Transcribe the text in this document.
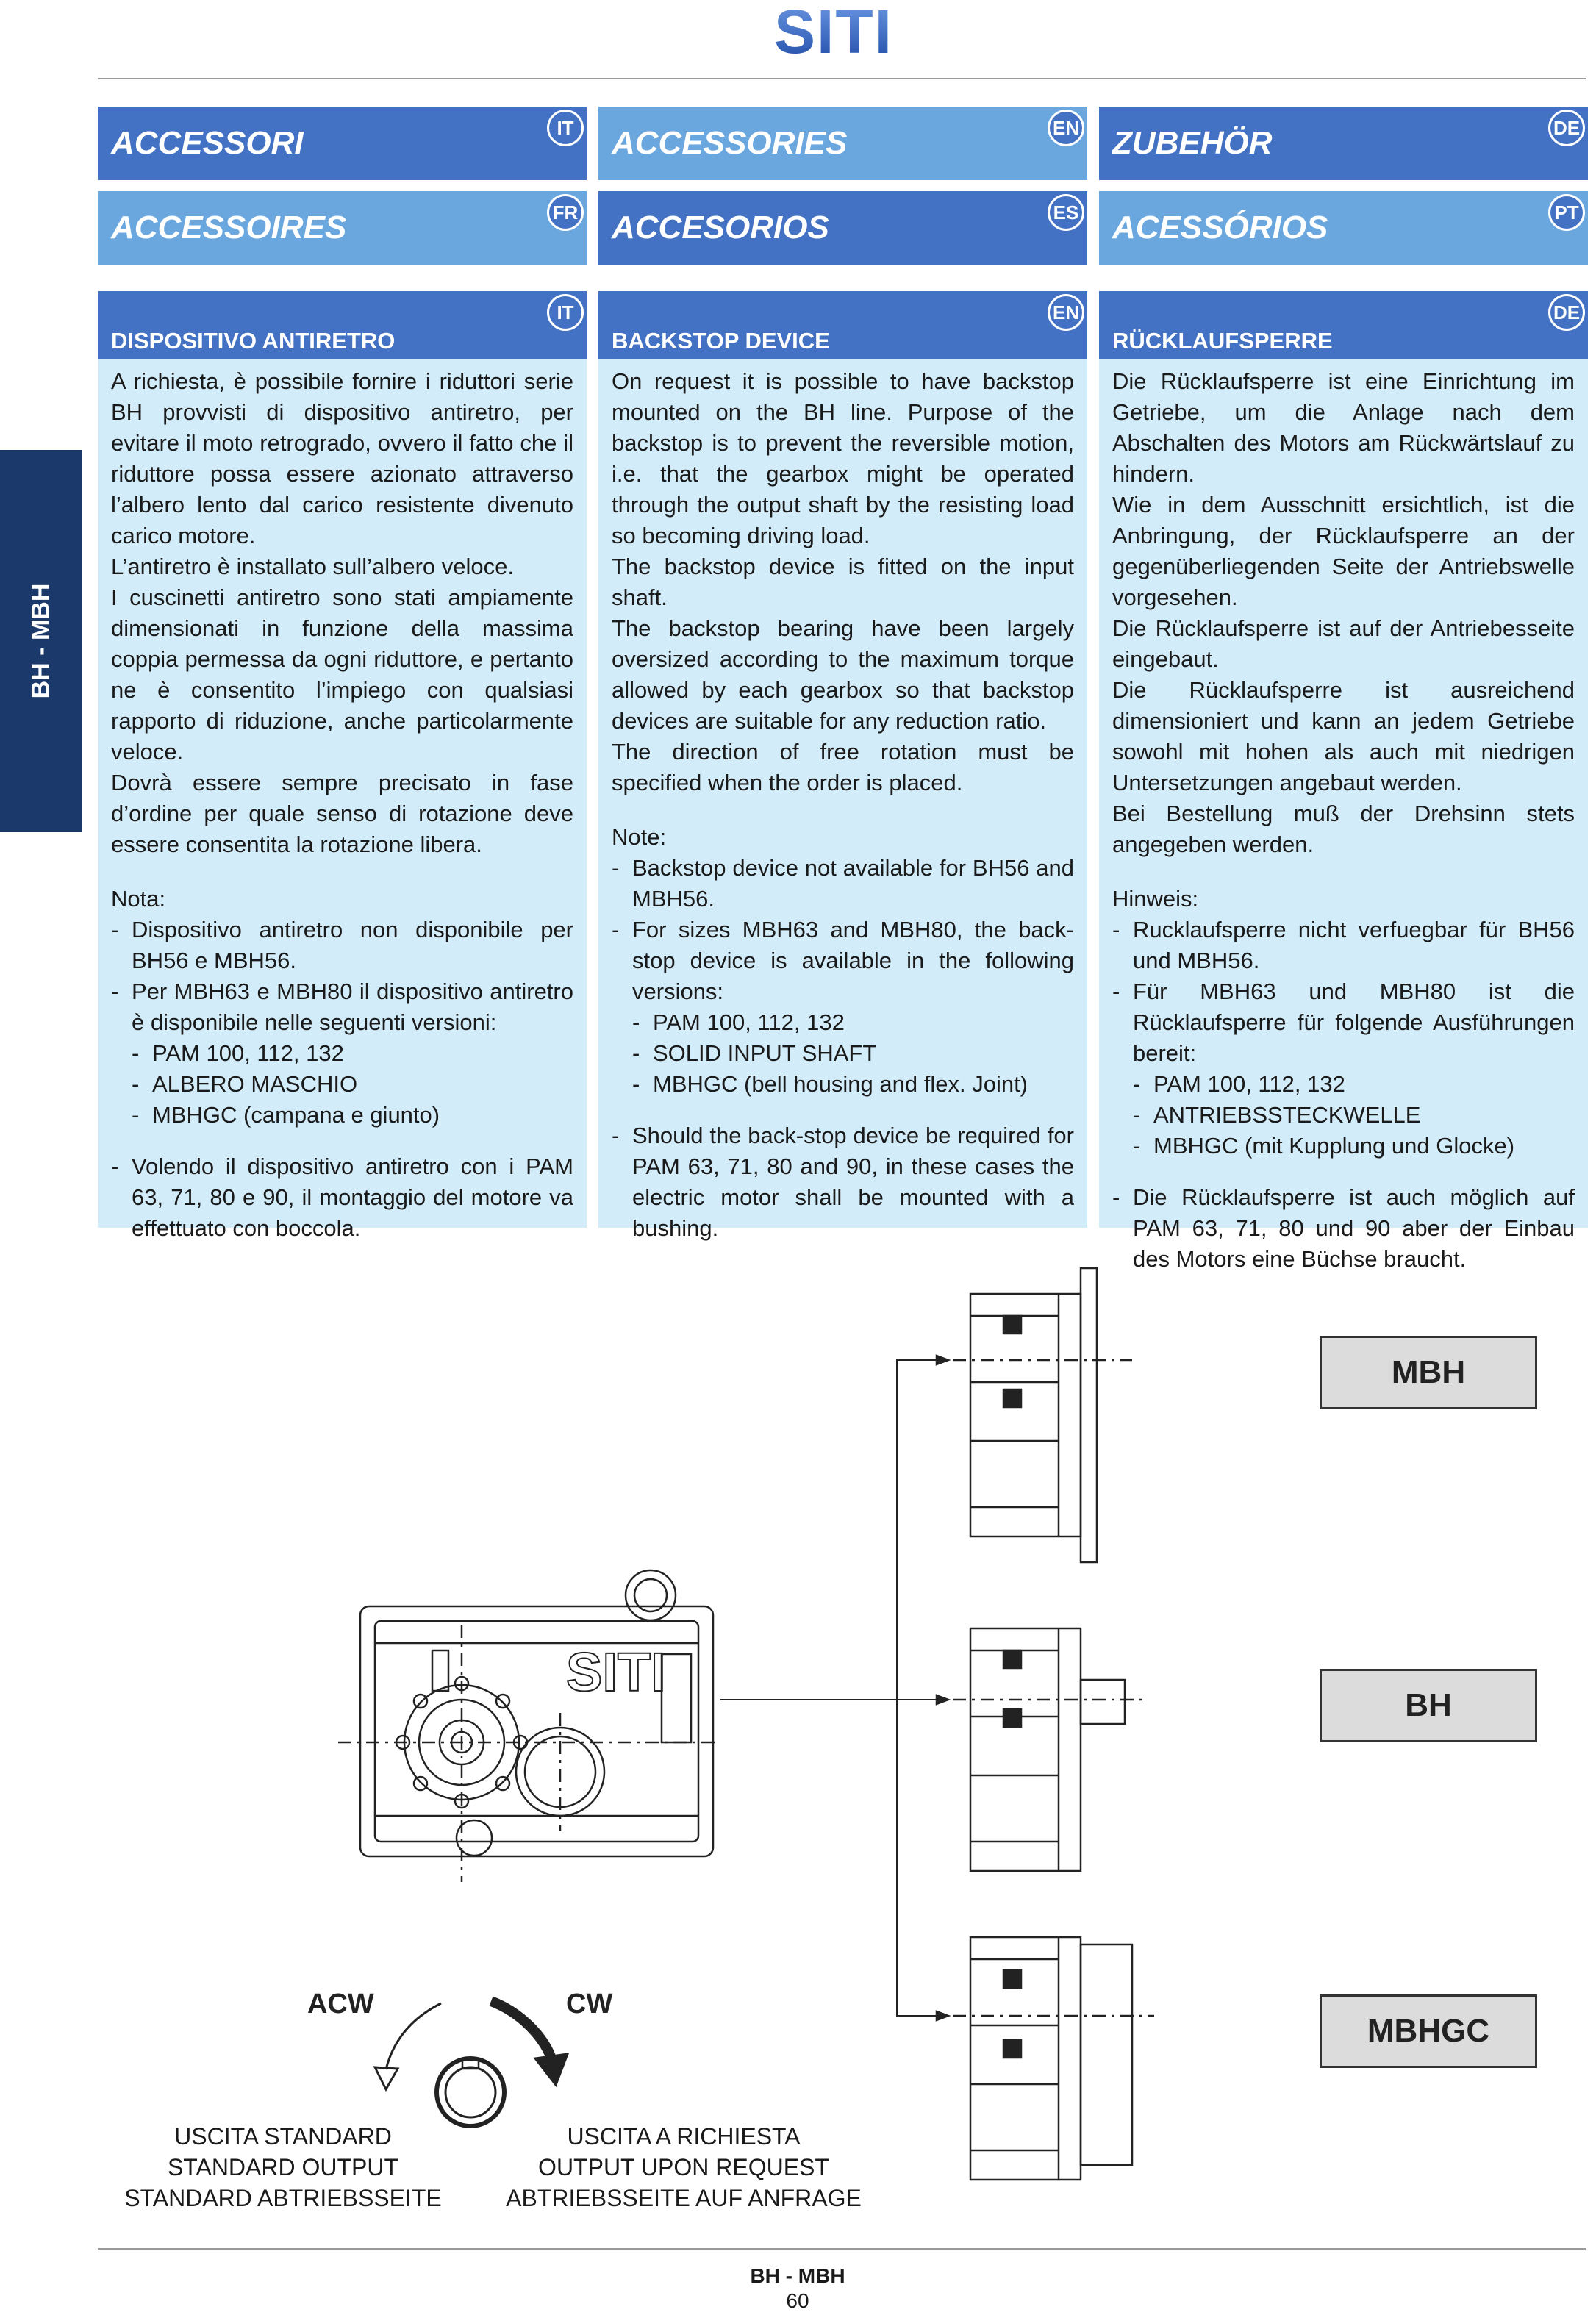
SITI
BH - MBH
ACCESSORI	IT	ACCESSORIES	EN ZUBEHÖR	DE
ACCESSOIRES	FR ACCESORIOS	ES ACESSÓRIOS	PT
IT
DISPOSITIVO ANTIRETRO

A richiesta, è possibile fornire i riduttori serie BH provvisti di dispositivo antiretro, per evitare il moto retrogrado, ovvero il fatto che il riduttore possa essere azionato attraverso l’albero lento dal carico resistente divenuto carico motore.

L’antiretro è installato sull’albero veloce.

I cuscinetti antiretro sono stati ampiamente dimensionati in funzione della massima coppia permessa da ogni riduttore, e pertanto ne è consentito l’impiego con qualsiasi rapporto di riduzione, anche particolarmente veloce.

Dovrà essere sempre precisato in fase d’ordine per quale senso di rotazione deve essere consentita la rotazione libera.

Nota:
- Dispositivo antiretro non disponibile per BH56 e MBH56.
- Per MBH63 e MBH80 il dispositivo antiretro è disponibile nelle seguenti versioni:
- PAM 100, 112, 132
- ALBERO MASCHIO
- MBHGC (campana e giunto)
- Volendo il dispositivo antiretro con i PAM 63, 71, 80 e 90, il montaggio del motore va effettuato con boccola.
EN
BACKSTOP DEVICE

On request it is possible to have backstop mounted on the BH line. Purpose of the backstop is to prevent the reversible motion, i.e. that the gearbox might be operated through the output shaft by the resisting load so becoming driving load.

The backstop device is fitted on the input shaft.

The backstop bearing have been largely oversized according to the maximum torque allowed by each gearbox so that backstop devices are suitable for any reduction ratio.

The direction of free rotation must be specified when the order is placed.

Note:
- Backstop device not available for BH56 and MBH56.
- For sizes MBH63 and MBH80, the back-stop device is available in the following versions:
- PAM 100, 112, 132
- SOLID INPUT SHAFT
- MBHGC (bell housing and flex. Joint)
- Should the back-stop device be required for PAM 63, 71, 80 and 90, in these cases the electric motor shall be mounted with a bushing.
DE
RÜCKLAUFSPERRE

Die Rücklaufsperre ist eine Einrichtung im Getriebe, um die Anlage nach dem Abschalten des Motors am Rückwärtslauf zu hindern.

Wie in dem Ausschnitt ersichtlich, ist die Anbringung, der Rücklaufsperre an der gegenüberliegenden Seite der Antriebswelle vorgesehen.

Die Rücklaufsperre ist auf der Antriebesseite eingebaut.

Die Rücklaufsperre ist ausreichend dimensioniert und kann an jedem Getriebe sowohl mit hohen als auch mit niedrigen Untersetzungen angebaut werden.

Bei Bestellung muß der Drehsinn stets angegeben werden.

Hinweis:
- Rucklaufsperre nicht verfuegbar für BH56 und MBH56.
- Für MBH63 und MBH80 ist die Rücklaufsperre für folgende Ausführungen bereit:
- PAM 100, 112, 132
- ANTRIEBSSTECKWELLE
- MBHGC (mit Kupplung und Glocke)
- Die Rücklaufsperre ist auch möglich auf PAM 63, 71, 80 und 90 aber der Einbau des Motors eine Büchse braucht.
SITI
ACW	CW
MBH
BH
MBHGC
USCITA STANDARD
STANDARD OUTPUT
STANDARD ABTRIEBSSEITE
USCITA A RICHIESTA
OUTPUT UPON REQUEST
ABTRIEBSSEITE AUF ANFRAGE
BH - MBH
60
